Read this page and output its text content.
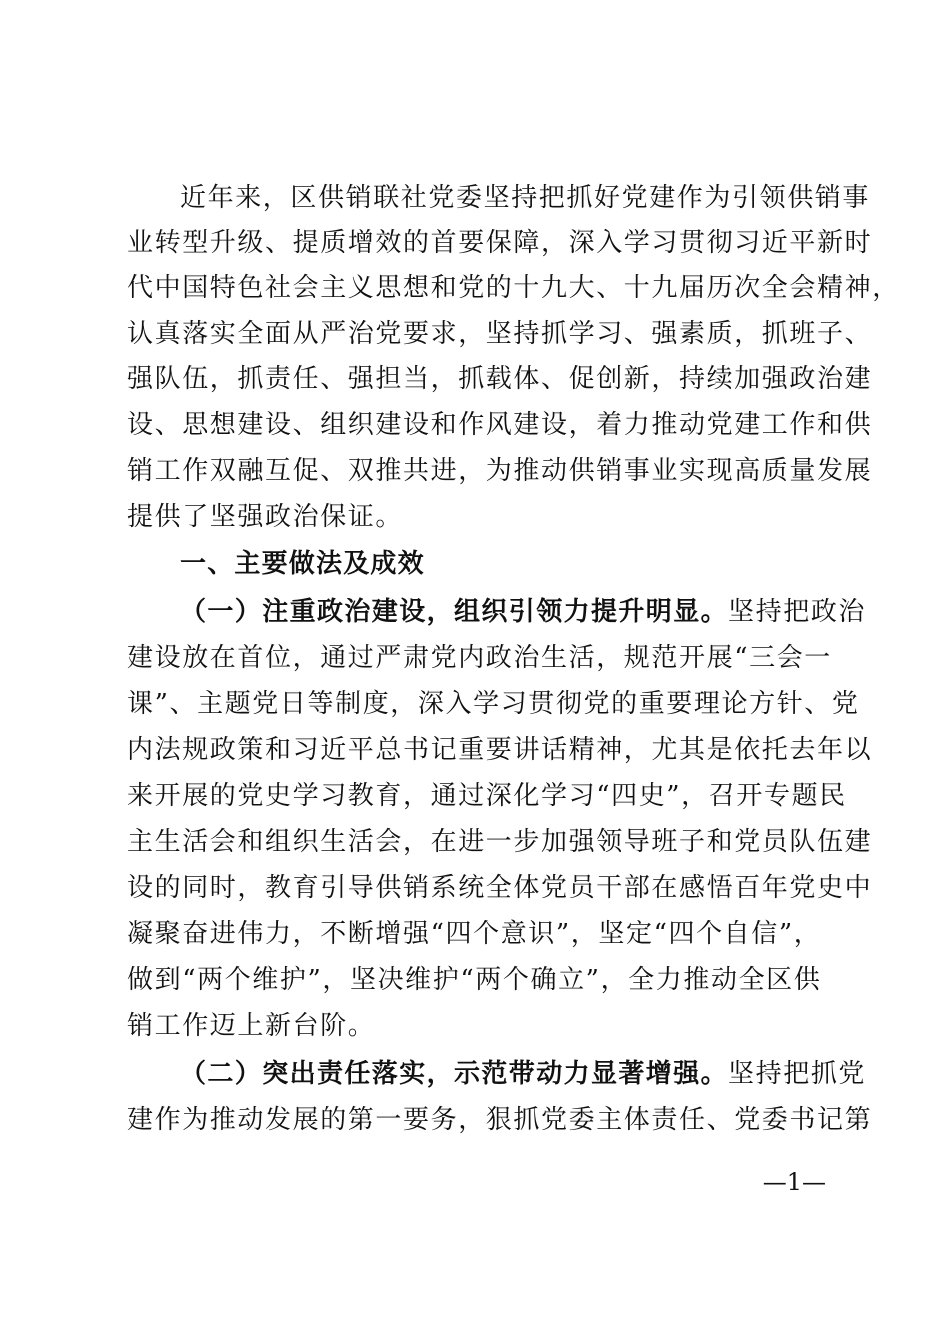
近年来，区供销联社党委坚持把抓好党建作为引领供销事
业转型升级、提质增效的首要保障，深入学习贯彻习近平新时
代中国特色社会主义思想和党的十九大、十九届历次全会精神，
认真落实全面从严治党要求，坚持抓学习、强素质，抓班子、
强队伍，抓责任、强担当，抓载体、促创新，持续加强政治建
设、思想建设、组织建设和作风建设，着力推动党建工作和供
销工作双融互促、双推共进，为推动供销事业实现高质量发展
提供了坚强政治保证。
一、主要做法及成效
（一）注重政治建设，组织引领力提升明显。坚持把政治
建设放在首位，通过严肃党内政治生活，规范开展“三会一
课”、主题党日等制度，深入学习贯彻党的重要理论方针、党
内法规政策和习近平总书记重要讲话精神，尤其是依托去年以
来开展的党史学习教育，通过深化学习“四史”，召开专题民
主生活会和组织生活会，在进一步加强领导班子和党员队伍建
设的同时，教育引导供销系统全体党员干部在感悟百年党史中
凝聚奋进伟力，不断增强“四个意识”，坚定“四个自信”，
做到“两个维护”，坚决维护“两个确立”，全力推动全区供
销工作迈上新台阶。
（二）突出责任落实，示范带动力显著增强。坚持把抓党
建作为推动发展的第一要务，狠抓党委主体责任、党委书记第
—1—
